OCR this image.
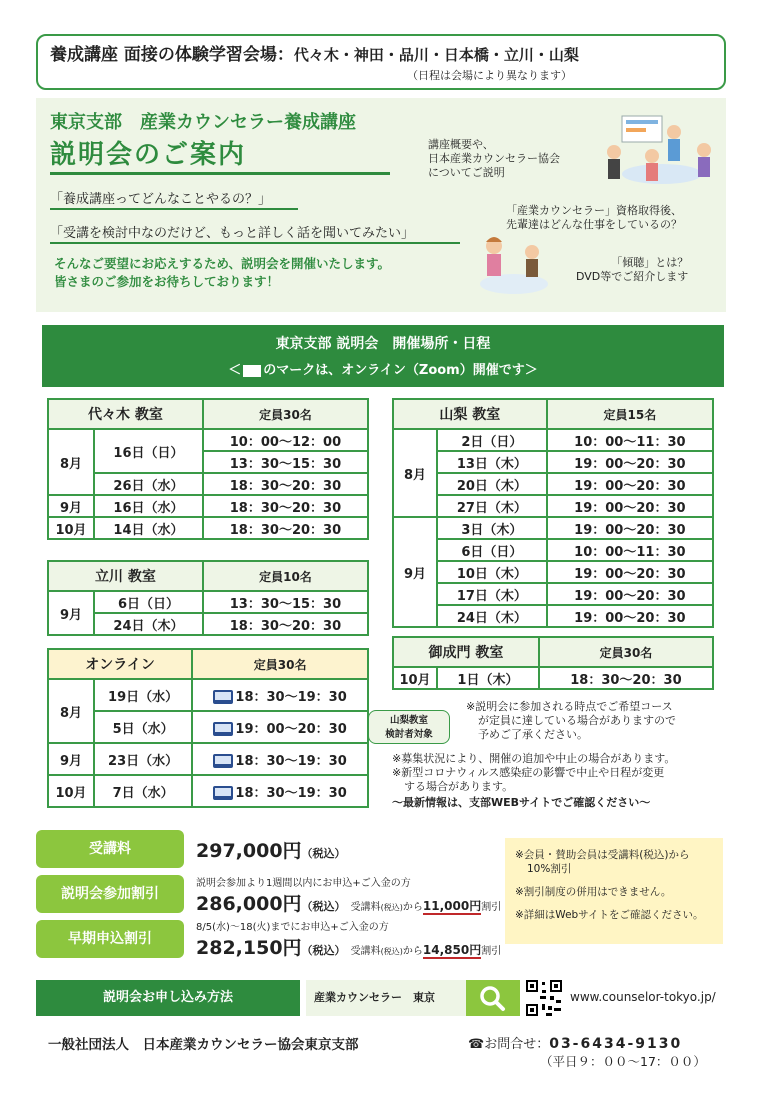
養成講座 面接の体験学習会場：代々木・神田・品川・日本橋・立川・山梨
（日程は会場により異なります）
東京支部　産業カウンセラー養成講座
説明会のご案内
「養成講座ってどんなことやるの？」
「受講を検討中なのだけど、もっと詳しく話を聞いてみたい」
そんなご要望にお応えするため、説明会を開催いたします。
皆さまのご参加をお待ちしております！
講座概要や、
日本産業カウンセラー協会
についてご説明
「産業カウンセラー」資格取得後、
先輩達はどんな仕事をしているの？
「傾聴」とは？
DVD等でご紹介します
東京支部 説明会　開催場所・日程
＜ のマークは、オンライン（Zoom）開催です＞
代々木 教室		定員30名
8月	16日（日）	10：00～12：00
		13：30～15：30
	26日（水）	18：30～20：30
9月	16日（水）	18：30～20：30
10月	14日（水）	18：30～20：30
立川 教室		定員10名
9月	6日（日）	13：30～15：30
	24日（木）	18：30～20：30
オンライン		定員30名
8月	19日（水）	18：30～19：30
	5日（水）	19：00～20：30
9月	23日（水）	18：30～19：30
10月	7日（水）	18：30～19：30
山梨教室
検討者対象
山梨 教室		定員15名
8月	2日（日）	10：00～11：30
	13日（木）	19：00～20：30
	20日（木）	19：00～20：30
	27日（木）	19：00～20：30
9月	3日（木）	19：00～20：30
	6日（日）	10：00～11：30
	10日（木）	19：00～20：30
	17日（木）	19：00～20：30
	24日（木）	19：00～20：30
御成門 教室		定員30名
10月	1日（木）	18：30～20：30
※説明会に参加される時点でご希望コース
が定員に達している場合がありますので
予めご了承ください。
※募集状況により、開催の追加や中止の場合があります。
※新型コロナウィルス感染症の影響で中止や日程が変更
する場合があります。
～最新情報は、支部WEBサイトでご確認ください～
受講料	297,000円（税込）
説明会参加割引
説明会参加より1週間以内にお申込+ご入金の方
286,000円（税込） 受講料(税込)から11,000円割引
早期申込割引
8/5(水)～18(火)までにお申込+ご入金の方
282,150円（税込） 受講料(税込)から14,850円割引
※会員・賛助会員は受講料(税込)から
10%割引
※割引制度の併用はできません。
※詳細はWebサイトをご確認ください。
説明会お申し込み方法	産業カウンセラー　東京	www.counselor-tokyo.jp/
一般社団法人　日本産業カウンセラー協会東京支部	☎お問合せ：03-6434-9130
（平日９：００～17：００）
